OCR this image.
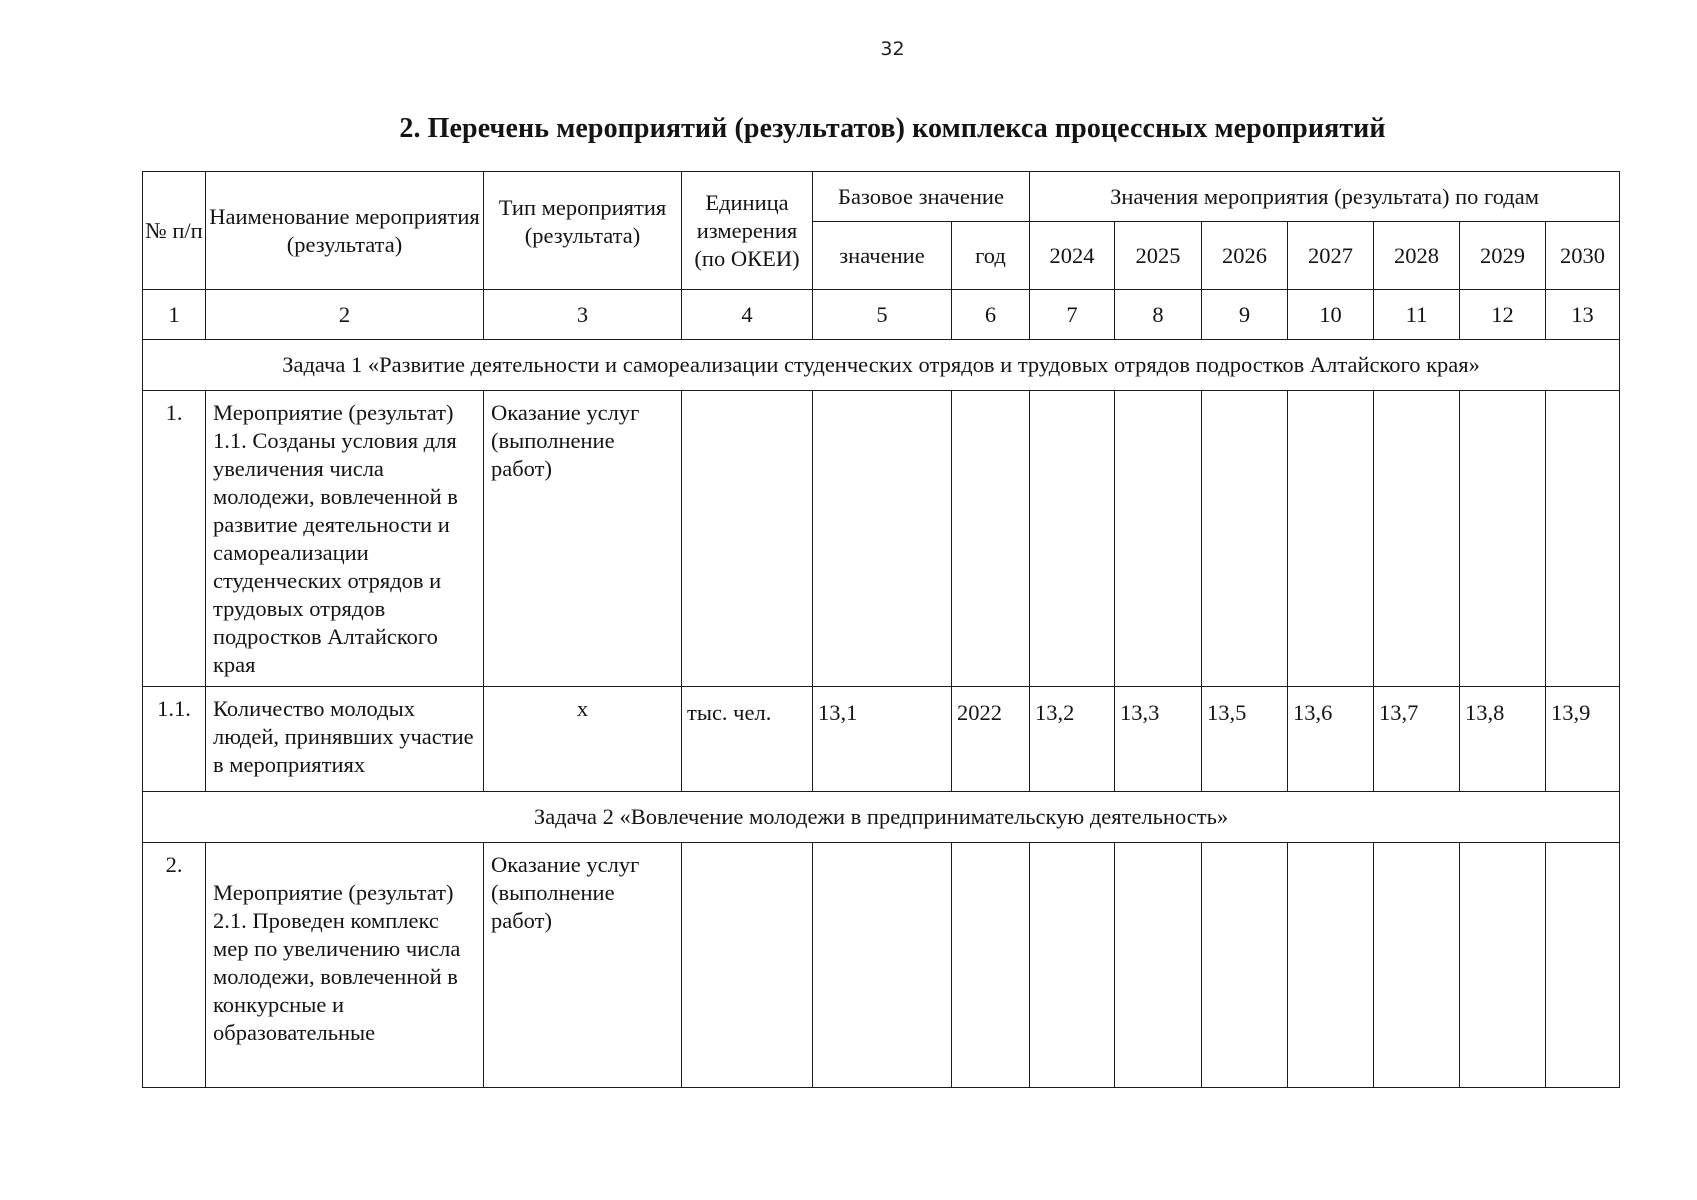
32
2. Перечень мероприятий (результатов) комплекса процессных мероприятий
№ п/п	Наименование мероприятия (результата)	Тип мероприятия (результата)	Единица измерения (по ОКЕИ)	Базовое значение		Значения мероприятия (результата) по годам						
				значение	год	2024	2025	2026	2027	2028	2029	2030
1	2	3	4	5	6	7	8	9	10	11	12	13
Задача 1 «Развитие деятельности и самореализации студенческих отрядов и трудовых отрядов подростков Алтайского края»												
1.	Мероприятие (результат) 1.1. Созданы условия для увеличения числа молодежи, вовлеченной в развитие деятельности и самореализации студенческих отрядов и трудовых отрядов подростков Алтайского края	Оказание услуг (выполнение работ)										
1.1.	Количество молодых людей, принявших участие в мероприятиях	х	тыс. чел.	13,1	2022	13,2	13,3	13,5	13,6	13,7	13,8	13,9
Задача 2 «Вовлечение молодежи в предпринимательскую деятельность»												
2.	Мероприятие (результат) 2.1. Проведен комплекс мер по увеличению числа молодежи, вовлеченной в конкурсные и образовательные	Оказание услуг (выполнение работ)										
